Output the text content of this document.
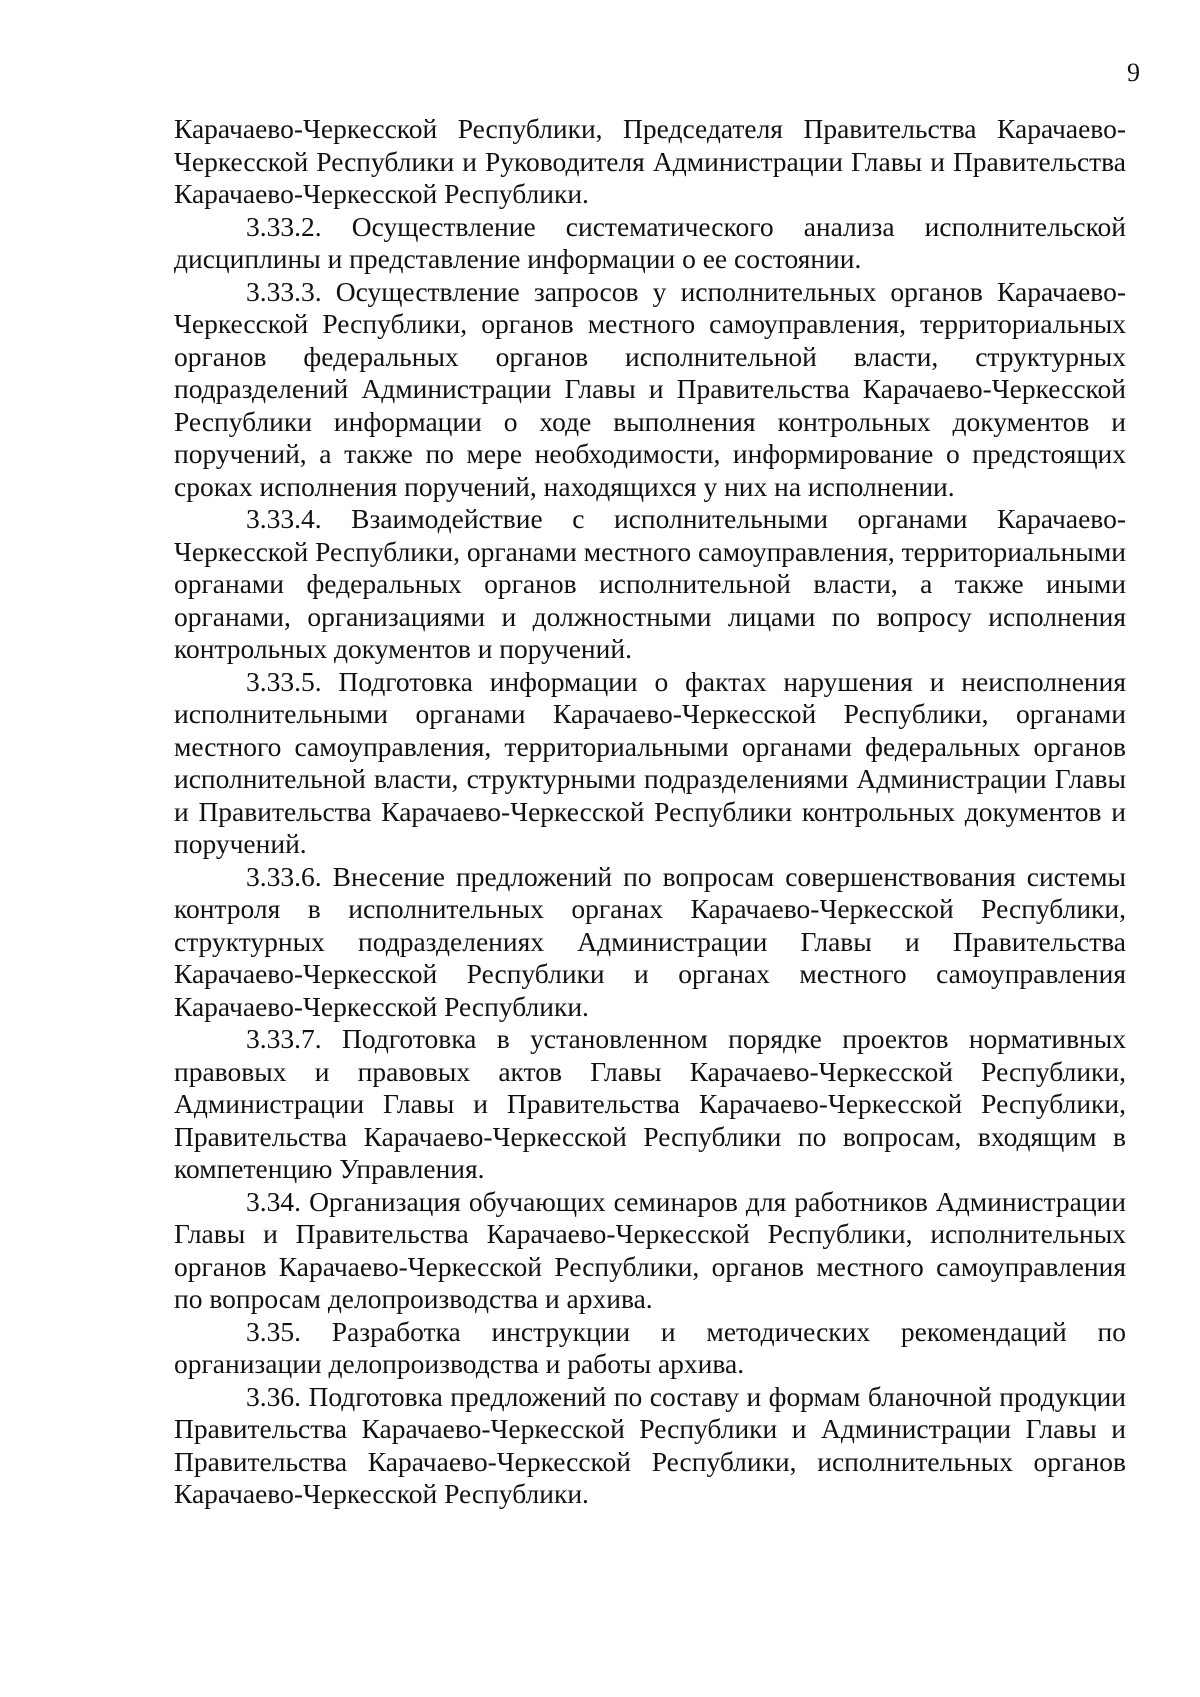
9

Карачаево-Черкесской Республики, Председателя Правительства Карачаево-Черкесской Республики и Руководителя Администрации Главы и Правительства Карачаево-Черкесской Республики.

3.33.2. Осуществление систематического анализа исполнительской дисциплины и представление информации о ее состоянии.

3.33.3. Осуществление запросов у исполнительных органов Карачаево-Черкесской Республики, органов местного самоуправления, территориальных органов федеральных органов исполнительной власти, структурных подразделений Администрации Главы и Правительства Карачаево-Черкесской Республики информации о ходе выполнения контрольных документов и поручений, а также по мере необходимости, информирование о предстоящих сроках исполнения поручений, находящихся у них на исполнении.

3.33.4. Взаимодействие с исполнительными органами Карачаево-Черкесской Республики, органами местного самоуправления, территориальными органами федеральных органов исполнительной власти, а также иными органами, организациями и должностными лицами по вопросу исполнения контрольных документов и поручений.

3.33.5. Подготовка информации о фактах нарушения и неисполнения исполнительными органами Карачаево-Черкесской Республики, органами местного самоуправления, территориальными органами федеральных органов исполнительной власти, структурными подразделениями Администрации Главы и Правительства Карачаево-Черкесской Республики контрольных документов и поручений.

3.33.6. Внесение предложений по вопросам совершенствования системы контроля в исполнительных органах Карачаево-Черкесской Республики, структурных подразделениях Администрации Главы и Правительства Карачаево-Черкесской Республики и органах местного самоуправления Карачаево-Черкесской Республики.

3.33.7. Подготовка в установленном порядке проектов нормативных правовых и правовых актов Главы Карачаево-Черкесской Республики, Администрации Главы и Правительства Карачаево-Черкесской Республики, Правительства Карачаево-Черкесской Республики по вопросам, входящим в компетенцию Управления.

3.34. Организация обучающих семинаров для работников Администрации Главы и Правительства Карачаево-Черкесской Республики, исполнительных органов Карачаево-Черкесской Республики, органов местного самоуправления по вопросам делопроизводства и архива.

3.35. Разработка инструкции и методических рекомендаций по организации делопроизводства и работы архива.

3.36. Подготовка предложений по составу и формам бланочной продукции Правительства Карачаево-Черкесской Республики и Администрации Главы и Правительства Карачаево-Черкесской Республики, исполнительных органов Карачаево-Черкесской Республики.
